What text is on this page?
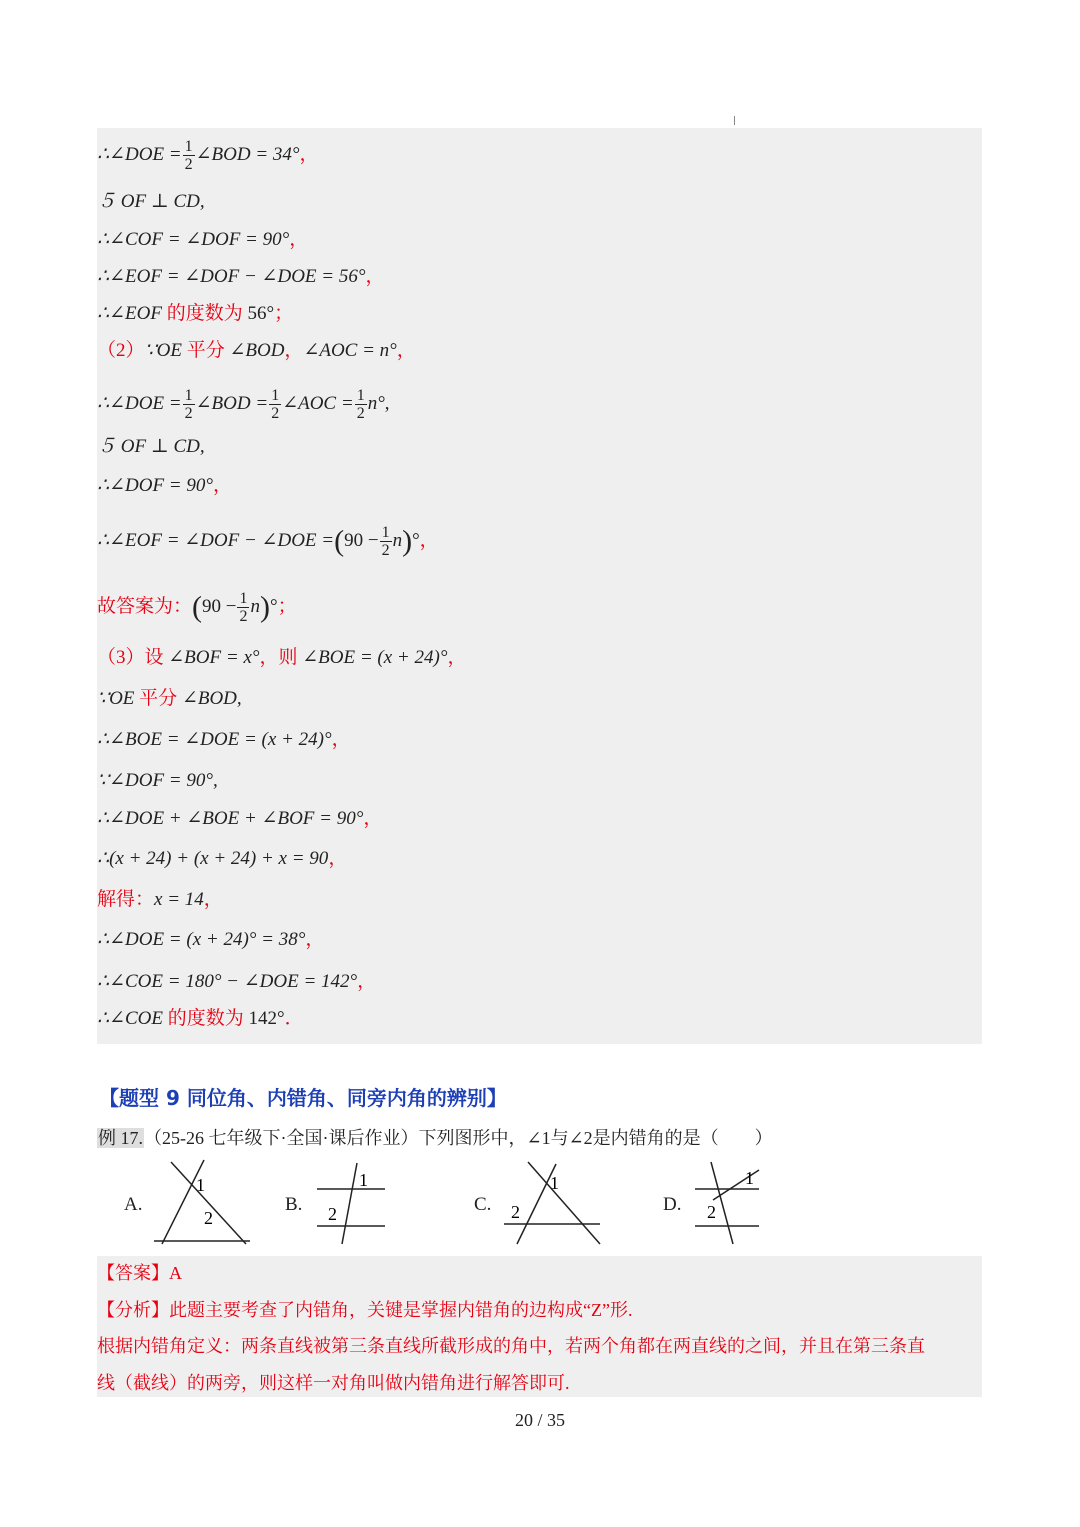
∴∠DOE = $\frac{1}{2}$ ∠BOD = 34°，
５ OF ⊥ CD,
∴∠COF = ∠DOF = 90°，
∴∠EOF = ∠DOF − ∠DOE = 56°，
∴∠EOF 的度数为 56°；
（2）∵OE 平分 ∠BOD，∠AOC = n°，
∴∠DOE = $\frac{1}{2}$ ∠BOD = $\frac{1}{2}$ ∠AOC = $\frac{1}{2} n^\circ$,
５ OF ⊥ CD,
∴∠DOF = 90°，
∴∠EOF = ∠DOF − ∠DOE $=(90 - \frac{1}{2} n)^\circ$，
故答案为：$(90 - \frac{1}{2} n)^\circ$；
（3）设 ∠BOF = x°，则 ∠BOE = (x + 24)°，
∵OE 平分 ∠BOD,
∴∠BOE = ∠DOE = (x + 24)°，
∵∠DOF = 90°,
∴∠DOE + ∠BOE + ∠BOF = 90°，
∴(x + 24) + (x + 24) + x = 90，
解得：x = 14，
∴∠DOE = (x + 24)° = 38°，
∴∠COE = 180° − ∠DOE = 142°，
∴∠COE 的度数为 142°．
【题型 9 同位角、内错角、同旁内角的辨别】
例 17.（25-26 七年级下·全国·课后作业）下列图形中，∠1与∠2是内错角的是（　　）
A.
1
2
B.
1
2	C.
1
2	D.
1
2
【答案】A
【分析】此题主要考查了内错角，关键是掌握内错角的边构成“Z”形.
根据内错角定义：两条直线被第三条直线所截形成的角中，若两个角都在两直线的之间，并且在第三条直
线（截线）的两旁，则这样一对角叫做内错角进行解答即可.
20 / 35
